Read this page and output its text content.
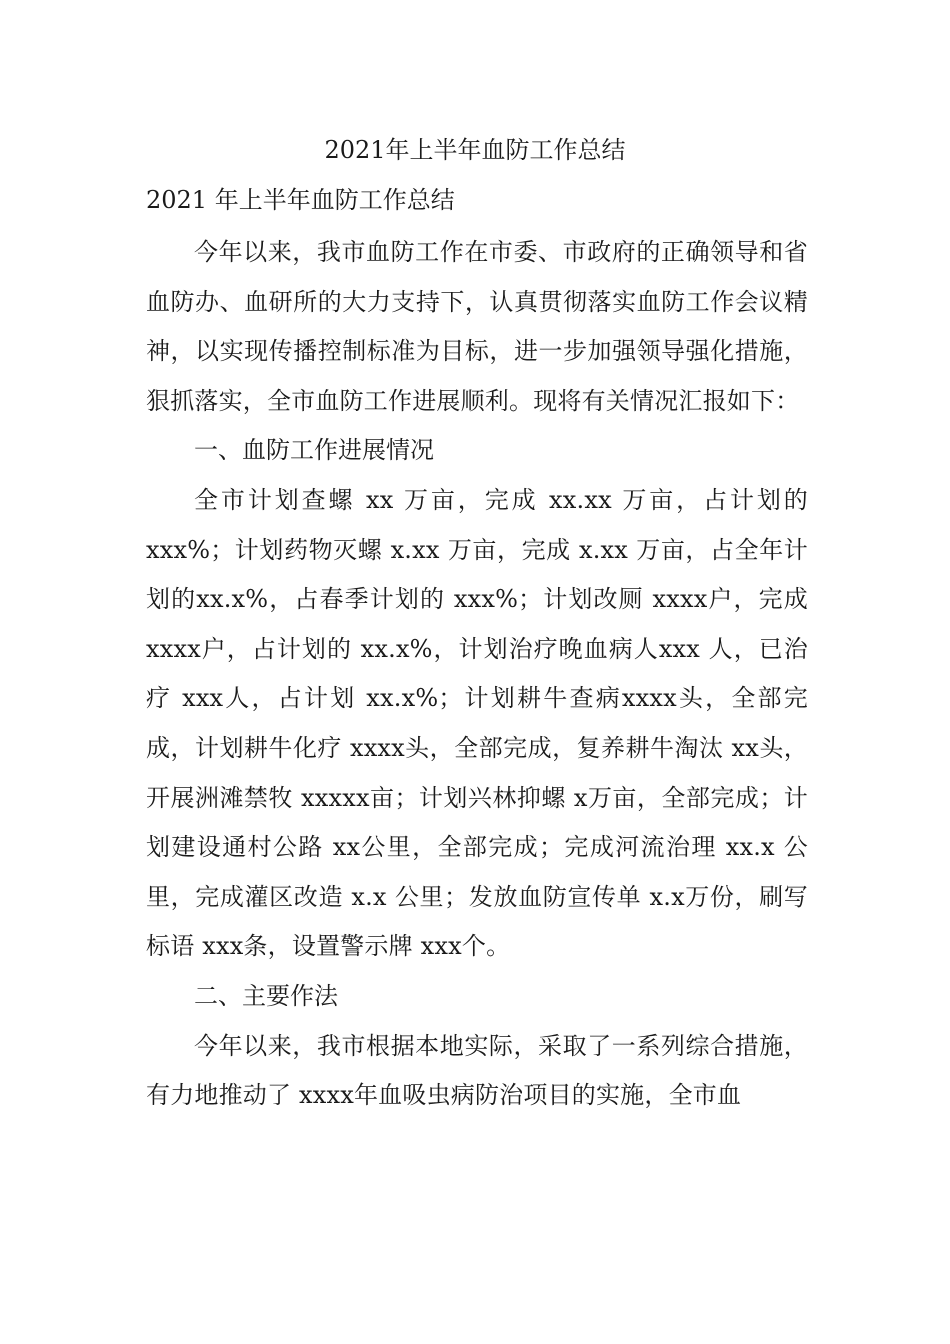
2021年上半年血防工作总结
2021 年上半年血防工作总结

今年以来，我市血防工作在市委、市政府的正确领导和省血防办、血研所的大力支持下，认真贯彻落实血防工作会议精神，以实现传播控制标准为目标，进一步加强领导强化措施，狠抓落实，全市血防工作进展顺利。现将有关情况汇报如下：

一、血防工作进展情况

全市计划查螺 xx 万亩，完成 xx.xx 万亩，占计划的xxx%；计划药物灭螺 x.xx 万亩，完成 x.xx 万亩，占全年计划的xx.x%，占春季计划的 xxx%；计划改厕 xxxx户，完成 xxxx户，占计划的 xx.x%，计划治疗晚血病人xxx 人，已治疗 xxx人，占计划 xx.x%；计划耕牛查病xxxx头，全部完成，计划耕牛化疗 xxxx头，全部完成，复养耕牛淘汰 xx头，开展洲滩禁牧 xxxxx亩；计划兴林抑螺 x万亩，全部完成；计划建设通村公路 xx公里，全部完成；完成河流治理 xx.x 公里，完成灌区改造 x.x 公里；发放血防宣传单 x.x万份，刷写标语 xxx条，设置警示牌 xxx个。

二、主要作法

今年以来，我市根据本地实际，采取了一系列综合措施，有力地推动了 xxxx年血吸虫病防治项目的实施，全市血
